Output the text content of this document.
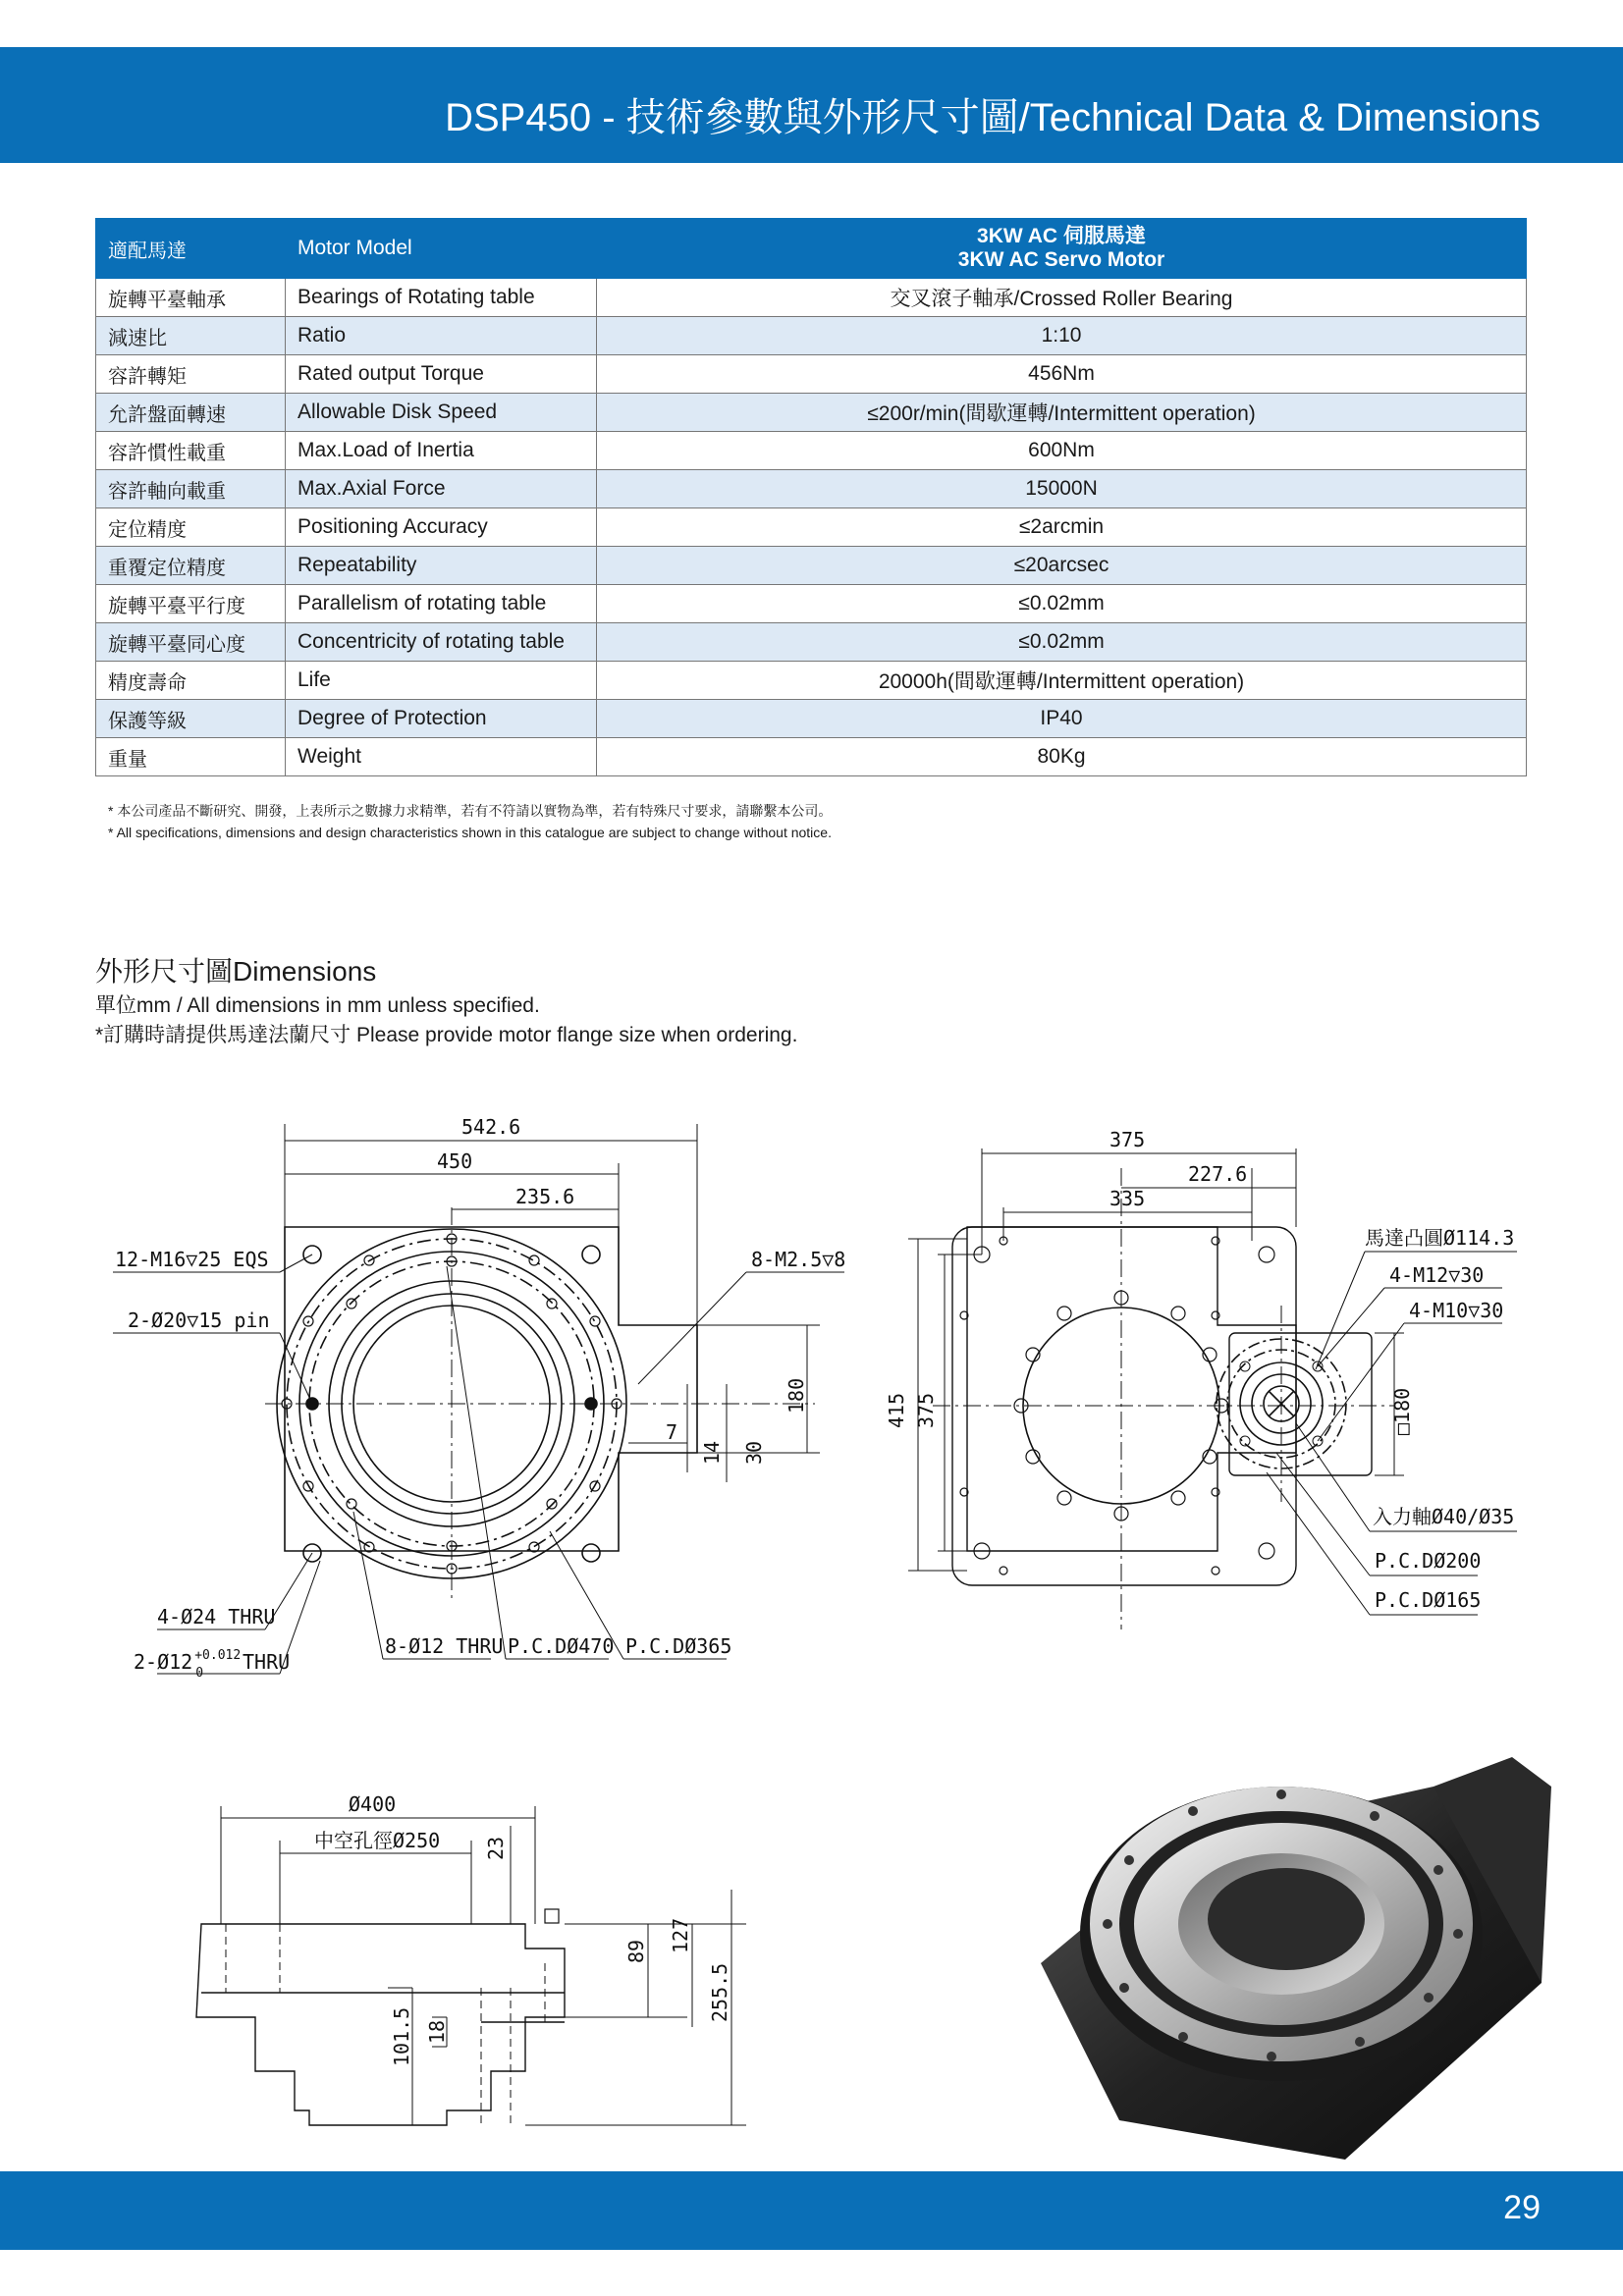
DSP450 - 技術參數與外形尺寸圖/Technical Data & Dimensions
適配馬達	Motor Model	3KW AC 伺服馬達
3KW AC Servo Motor

旋轉平臺軸承	Bearings of Rotating table	交叉滾子軸承/Crossed Roller Bearing
減速比	Ratio	1:10
容許轉矩	Rated output Torque	456Nm
允許盤面轉速	Allowable Disk Speed	≤200r/min(間歇運轉/Intermittent operation)
容許慣性載重	Max.Load of Inertia	600Nm
容許軸向載重	Max.Axial Force	15000N
定位精度	Positioning Accuracy	≤2arcmin
重覆定位精度	Repeatability	≤20arcsec
旋轉平臺平行度	Parallelism of rotating table	≤0.02mm
旋轉平臺同心度	Concentricity of rotating table	≤0.02mm
精度壽命	Life	20000h(間歇運轉/Intermittent operation)
保護等級	Degree of Protection	IP40
重量	Weight	80Kg
* 本公司產品不斷研究、開發，上表所示之數據力求精準，若有不符請以實物為準，若有特殊尺寸要求，請聯繫本公司。
* All specifications, dimensions and design characteristics shown in this catalogue are subject to change without notice.
外形尺寸圖Dimensions
單位mm / All dimensions in mm unless specified.
*訂購時請提供馬達法蘭尺寸 Please provide motor flange size when ordering.
542.6
450
235.6
12-M16▽25 EQS
2-Ø20▽15 pin
8-M2.5▽8
7
14 30
180
4-Ø24 THRU
2-Ø12 $^{+0.012}$ 0 THRU
8-Ø12 THRU P.C.DØ470 P.C.DØ365
375
227.6
335
馬達凸圓Ø114.3
4-M12▽30
4-M10▽30
415 375	□180
入力軸Ø40/Ø35
P.C.DØ200
P.C.DØ165
Ø400
中空孔徑Ø250 23
89 127
255.5
101.5 18
29
